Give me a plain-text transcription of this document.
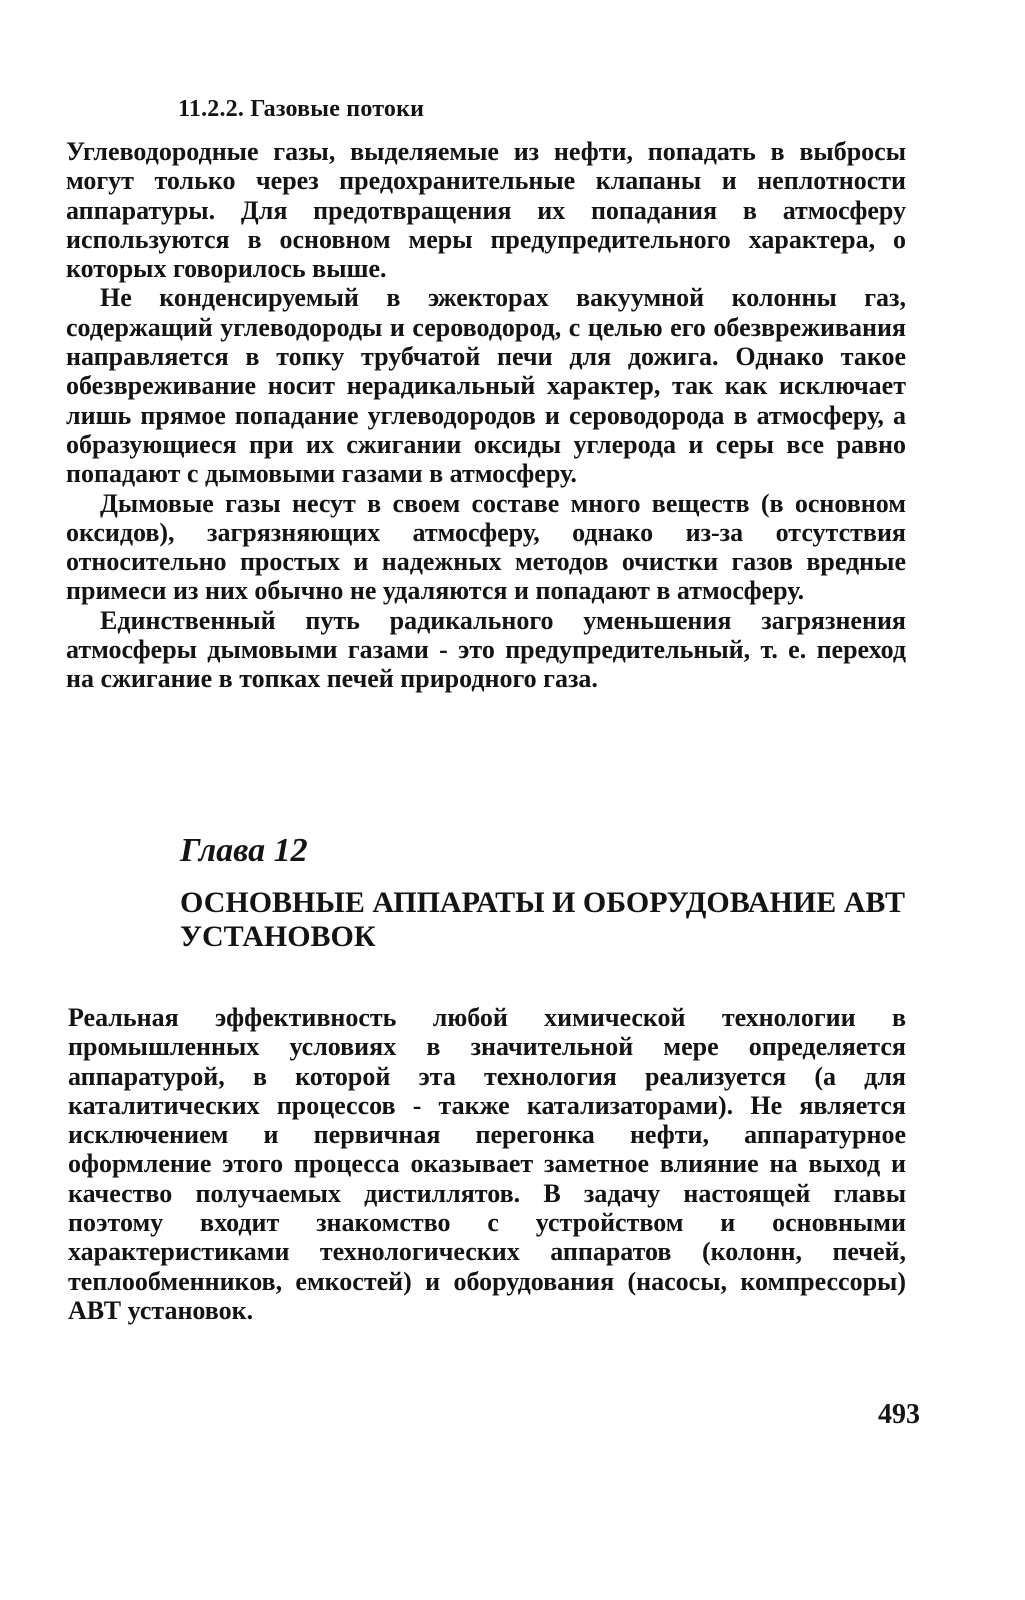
11.2.2. Газовые потоки

Углеводородные газы, выделяемые из нефти, попадать в выбросы могут только через предохранительные клапаны и неплотности аппаратуры. Для предотвращения их попадания в атмосферу используются в основном меры предупредительного характера, о которых говорилось выше.

Не конденсируемый в эжекторах вакуумной колонны газ, содержащий углеводороды и сероводород, с целью его обезвреживания направляется в топку трубчатой печи для дожига. Однако такое обезвреживание носит нерадикальный характер, так как исключает лишь прямое попадание углеводородов и сероводорода в атмосферу, а образующиеся при их сжигании оксиды углерода и серы все равно попадают с дымовыми газами в атмосферу.

Дымовые газы несут в своем составе много веществ (в основном оксидов), загрязняющих атмосферу, однако из-за отсутствия относительно простых и надежных методов очистки газов вредные примеси из них обычно не удаляются и попадают в атмосферу.

Единственный путь радикального уменьшения загрязнения атмосферы дымовыми газами - это предупредительный, т. е. переход на сжигание в топках печей природного газа.

Глава 12
ОСНОВНЫЕ АППАРАТЫ И ОБОРУДОВАНИЕ АВТ УСТАНОВОК

Реальная эффективность любой химической технологии в промышленных условиях в значительной мере определяется аппаратурой, в которой эта технология реализуется (а для каталитических процессов - также катализаторами). Не является исключением и первичная перегонка нефти, аппаратурное оформление этого процесса оказывает заметное влияние на выход и качество получаемых дистиллятов. В задачу настоящей главы поэтому входит знакомство с устройством и основными характеристиками технологических аппаратов (колонн, печей, теплообменников, емкостей) и оборудования (насосы, компрессоры) АВТ установок.

493
